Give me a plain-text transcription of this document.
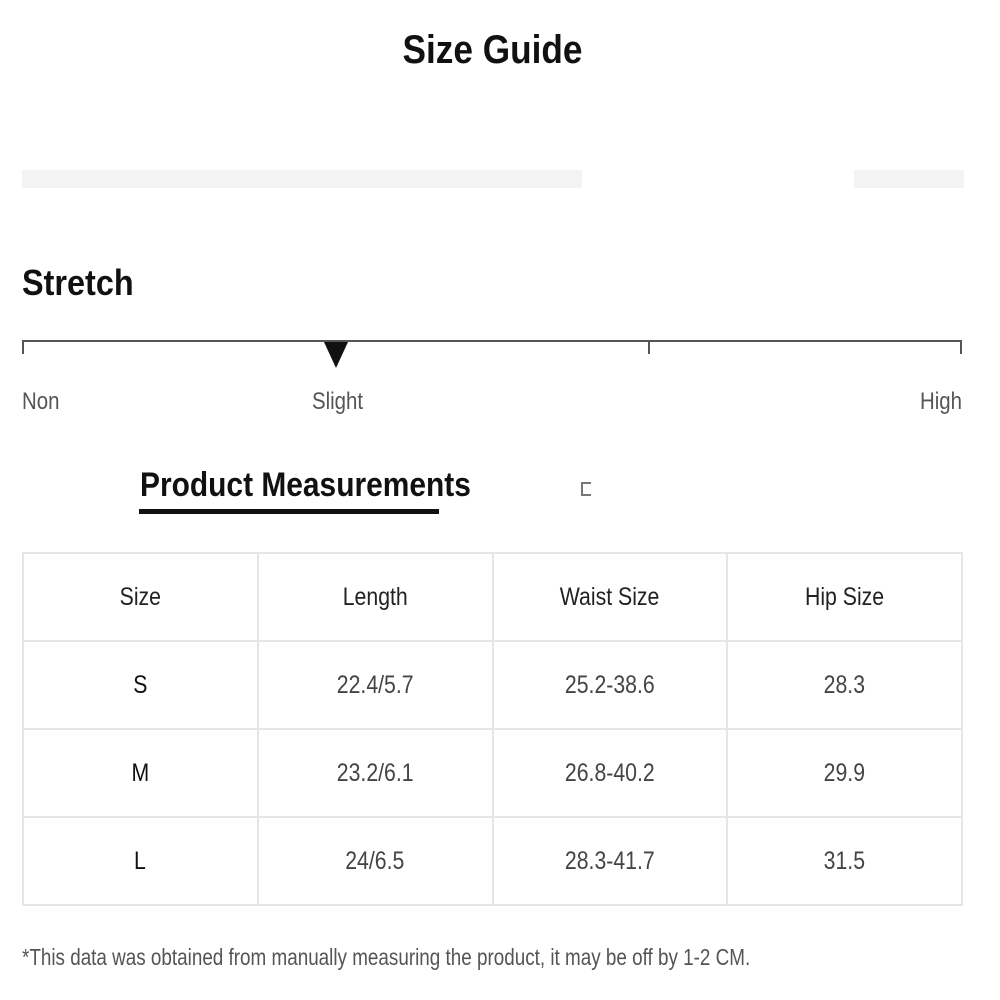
Size Guide
Stretch
Non	Slight	High
Product Measurements
Size	Length	Waist Size	Hip Size
S	22.4/5.7	25.2-38.6	28.3
M	23.2/6.1	26.8-40.2	29.9
L	24/6.5	28.3-41.7	31.5
*This data was obtained from manually measuring the product, it may be off by 1-2 CM.
